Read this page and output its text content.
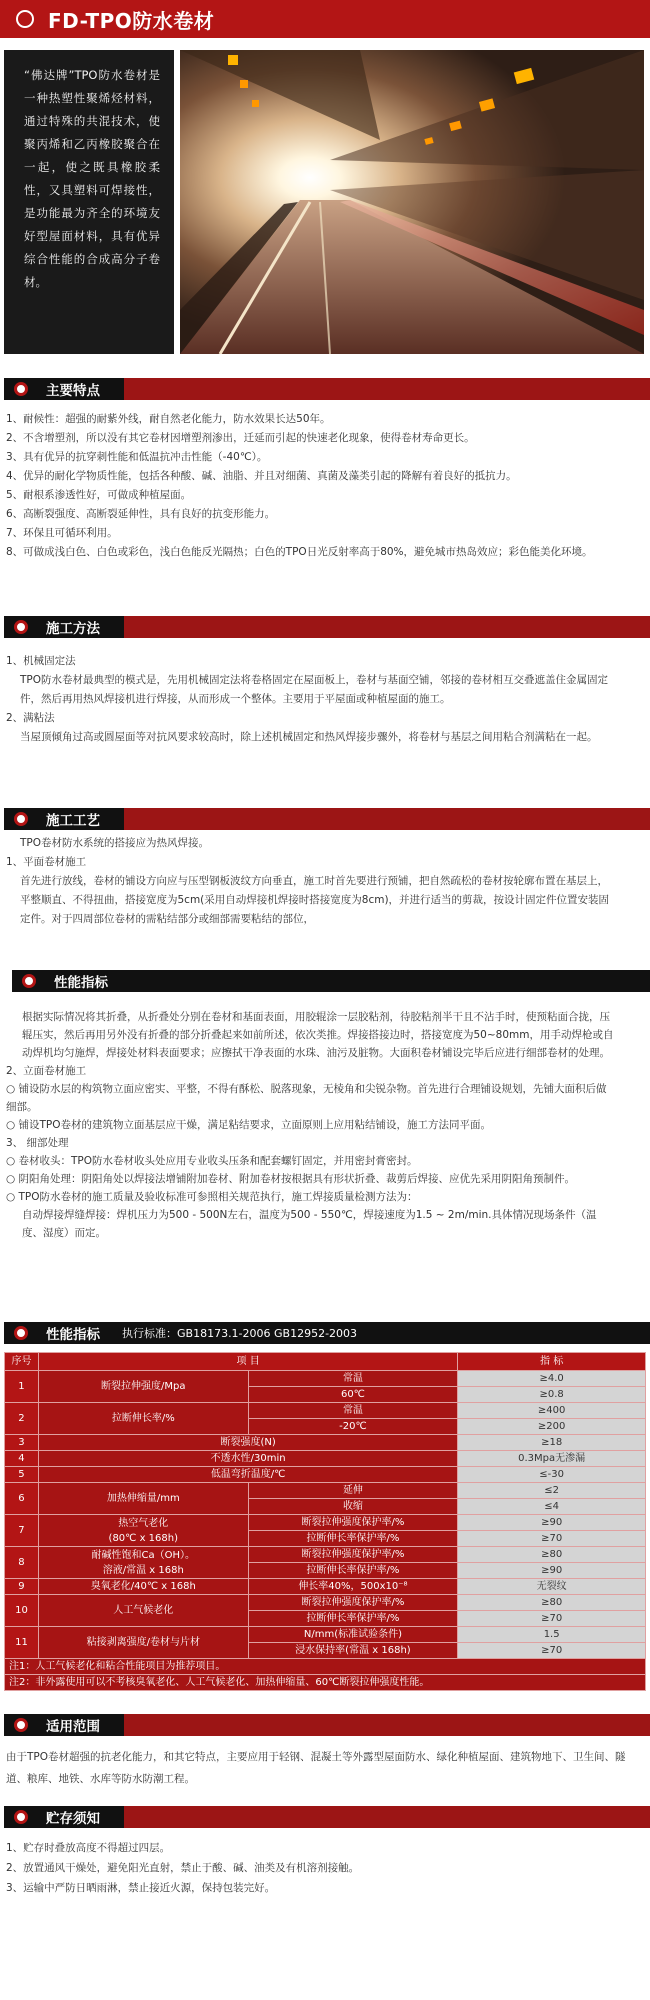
FD-TPO防水卷材
“佛达牌”TPO防水卷材是一种热塑性聚烯烃材料，通过特殊的共混技术，使聚丙烯和乙丙橡胶聚合在一起，使之既具橡胶柔性，又具塑料可焊接性，是功能最为齐全的环境友好型屋面材料，具有优异综合性能的合成高分子卷材。
主要特点

1、耐候性：超强的耐紫外线，耐自然老化能力，防水效果长达50年。

2、不含增塑剂，所以没有其它卷材因增塑剂渗出，迁延而引起的快速老化现象，使得卷材寿命更长。

3、具有优异的抗穿刺性能和低温抗冲击性能（-40℃）。

4、优异的耐化学物质性能，包括各种酸、碱、油脂、并且对细菌、真菌及藻类引起的降解有着良好的抵抗力。

5、耐根系渗透性好，可做成种植屋面。

6、高断裂强度、高断裂延伸性，具有良好的抗变形能力。

7、环保且可循环利用。

8、可做成浅白色、白色或彩色，浅白色能反光隔热；白色的TPO日光反射率高于80%，避免城市热岛效应；彩色能美化环境。

施工方法

1、机械固定法

TPO防水卷材最典型的模式是，先用机械固定法将卷格固定在屋面板上，卷材与基面空铺，邻接的卷材相互交叠遮盖住金属固定件，然后再用热风焊接机进行焊接，从而形成一个整体。主要用于平屋面或种植屋面的施工。

2、满粘法

当屋顶倾角过高或圆屋面等对抗风要求较高时，除上述机械固定和热风焊接步骤外，将卷材与基层之间用粘合剂满粘在一起。

施工工艺

TPO卷材防水系统的搭接应为热风焊接。

1、平面卷材施工

首先进行放线，卷材的铺设方向应与压型钢板波纹方向垂直，施工时首先要进行预铺，把自然疏松的卷材按轮廓布置在基层上，平整顺直、不得扭曲，搭接宽度为5cm(采用自动焊接机焊接时搭接宽度为8cm)，并进行适当的剪裁，按设计固定件位置安装固定件。对于四周部位卷材的需粘结部分或细部需要粘结的部位，

性能指标

根据实际情况将其折叠，从折叠处分别在卷材和基面表面，用胶辊涂一层胶粘剂，待胶粘剂半干且不沾手时，使预粘面合拢，压辊压实，然后再用另外没有折叠的部分折叠起来如前所述，依次类推。焊接搭接边时，搭接宽度为50~80mm，用手动焊枪或自动焊机均匀施焊，焊接处材料表面要求；应擦拭干净表面的水珠、油污及脏物。大面积卷材铺设完毕后应进行细部卷材的处理。

2、立面卷材施工

○ 铺设防水层的构筑物立面应密实、平整，不得有酥松、脱落现象，无棱角和尖锐杂物。首先进行合理铺设规划，先铺大面积后做细部。

○ 铺设TPO卷材的建筑物立面基层应干燥，满足粘结要求，立面原则上应用粘结铺设，施工方法同平面。

3、 细部处理

○ 卷材收头：TPO防水卷材收头处应用专业收头压条和配套螺钉固定，并用密封膏密封。

○ 阴阳角处理：阴阳角处以焊接法增铺附加卷材、附加卷材按根据具有形状折叠、裁剪后焊接、应优先采用阴阳角预制件。

○ TPO防水卷材的施工质量及验收标准可参照相关规范执行，施工焊接质量检测方法为：

自动焊接焊缝焊接：焊机压力为500 - 500N左右，温度为500 - 550℃，焊接速度为1.5 ~ 2m/min.具体情况现场条件（温度、湿度）而定。

性能指标 执行标准：GB18173.1-2006 GB12952-2003
序号	项 目		指 标
1	断裂拉伸强度/Mpa	常温	≥4.0
		60℃	≥0.8
2	拉断伸长率/%	常温	≥400
		-20℃	≥200
3	断裂强度(N)		≥18
4	不透水性/30min		0.3Mpa无渗漏
5	低温弯折温度/℃		≤-30
6	加热伸缩量/mm	延伸	≤2
		收缩	≤4
7	热空气老化
(80℃ x 168h)	断裂拉伸强度保护率/%	≥90
		拉断伸长率保护率/%	≥70
8	耐碱性饱和Ca（OH）。
溶液/常温 x 168h	断裂拉伸强度保护率/%	≥80
		拉断伸长率保护率/%	≥90
9	臭氧老化/40℃ x 168h	伸长率40%，500x10⁻⁸	无裂纹
10	人工气候老化	断裂拉伸强度保护率/%	≥80
		拉断伸长率保护率/%	≥70
11	粘接剥离强度/卷材与片材	N/mm(标准试验条件)	1.5
		浸水保持率(常温 x 168h)	≥70
注1：人工气候老化和粘合性能项目为推荐项目。			
注2：非外露使用可以不考核臭氧老化、人工气候老化、加热伸缩量、60℃断裂拉伸强度性能。			
适用范围
由于TPO卷材超强的抗老化能力，和其它特点，主要应用于轻钢、混凝土等外露型屋面防水、绿化种植屋面、建筑物地下、卫生间、隧道、粮库、地铁、水库等防水防潮工程。
贮存须知

1、贮存时叠放高度不得超过四层。

2、放置通风干燥处，避免阳光直射，禁止于酸、碱、油类及有机溶剂接触。

3、运输中严防日晒雨淋，禁止接近火源，保持包装完好。
